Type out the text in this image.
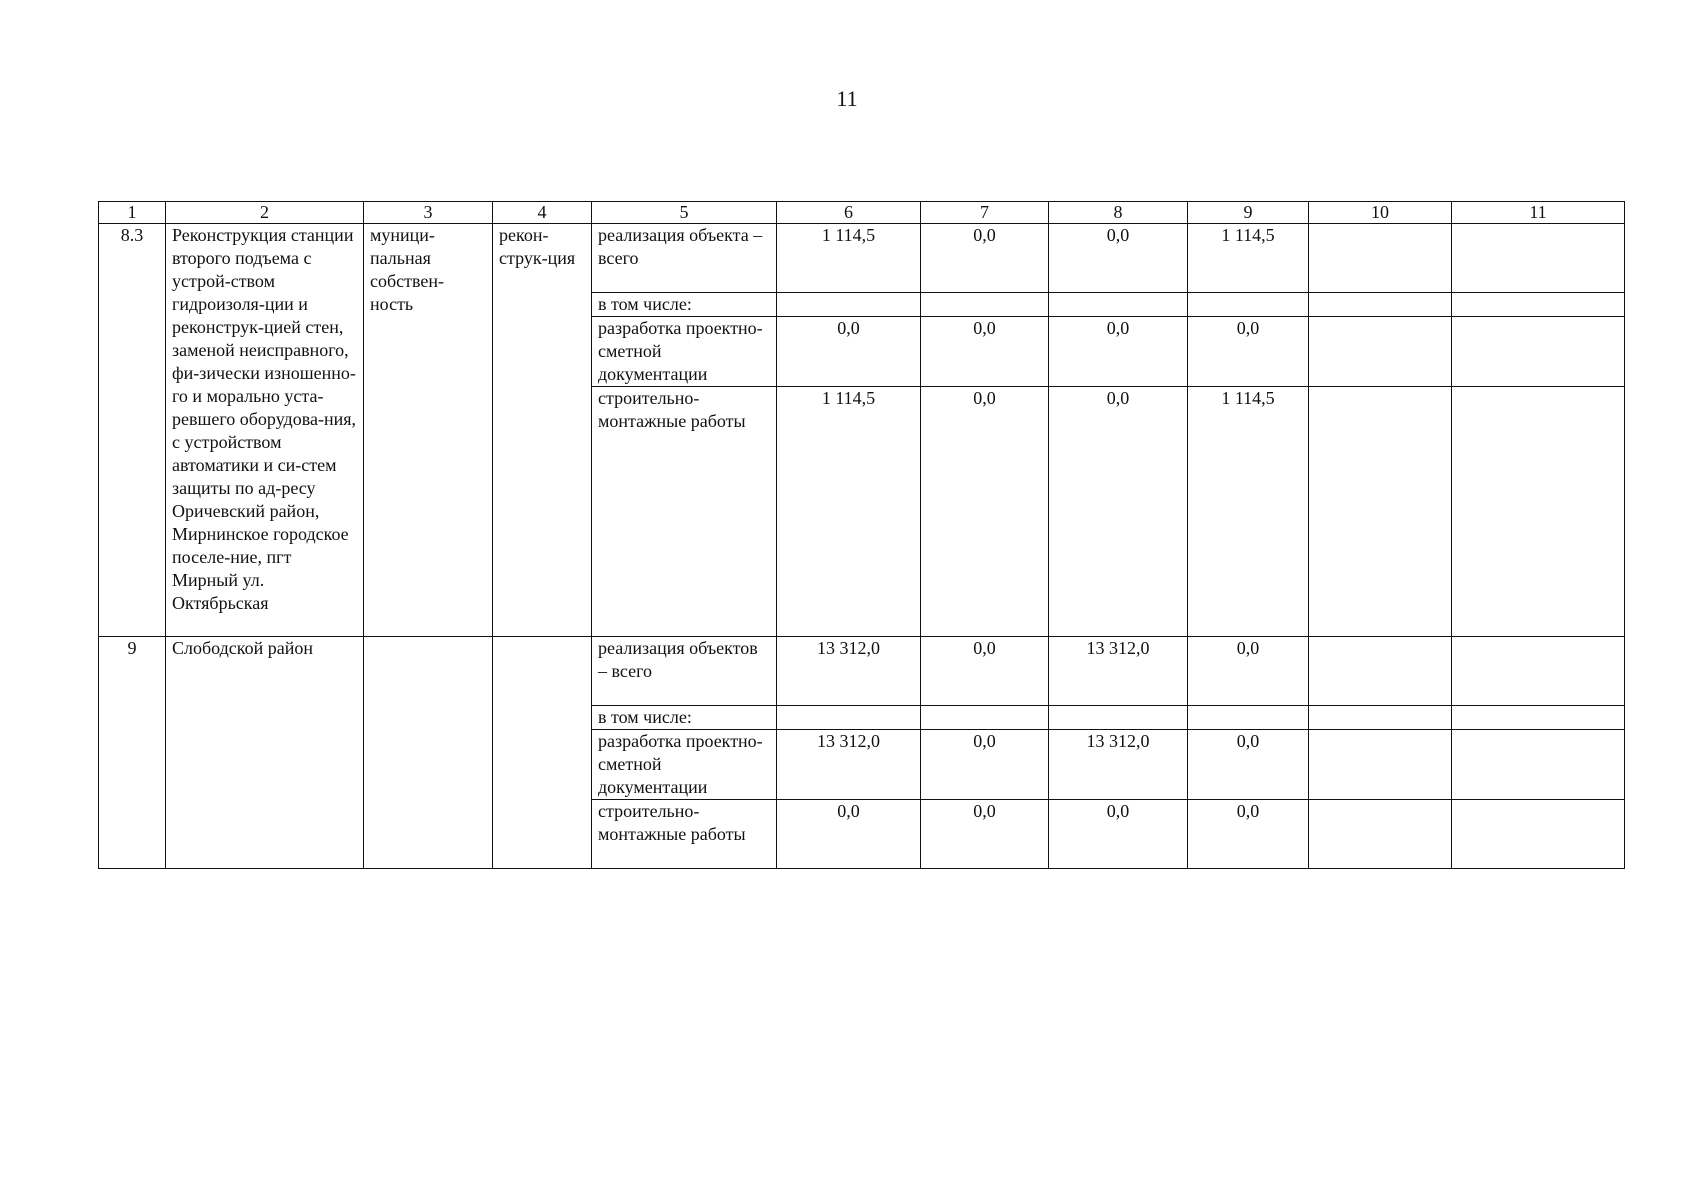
11
1	2	3	4	5	6	7	8	9	10	11
8.3	Реконструкция станции второго подъема с устрой-ством гидроизоля-ции и реконструк-цией стен, заменой неисправного, фи-зически изношенно-го и морально уста-ревшего оборудова-ния, с устройством автоматики и си-стем защиты по ад-ресу Оричевский район, Мирнинское городское поселе-ние, пгт Мирный ул. Октябрьская	муници-пальная собствен-ность	рекон-струк-ция	реализация объекта – всего	1 114,5	0,0	0,0	1 114,5		
				в том числе:						
				разработка проектно-сметной документации	0,0	0,0	0,0	0,0		
				строительно-монтажные работы	1 114,5	0,0	0,0	1 114,5		
9	Слободской район			реализация объектов – всего	13 312,0	0,0	13 312,0	0,0		
				в том числе:						
				разработка проектно-сметной документации	13 312,0	0,0	13 312,0	0,0		
				строительно-монтажные работы	0,0	0,0	0,0	0,0		
